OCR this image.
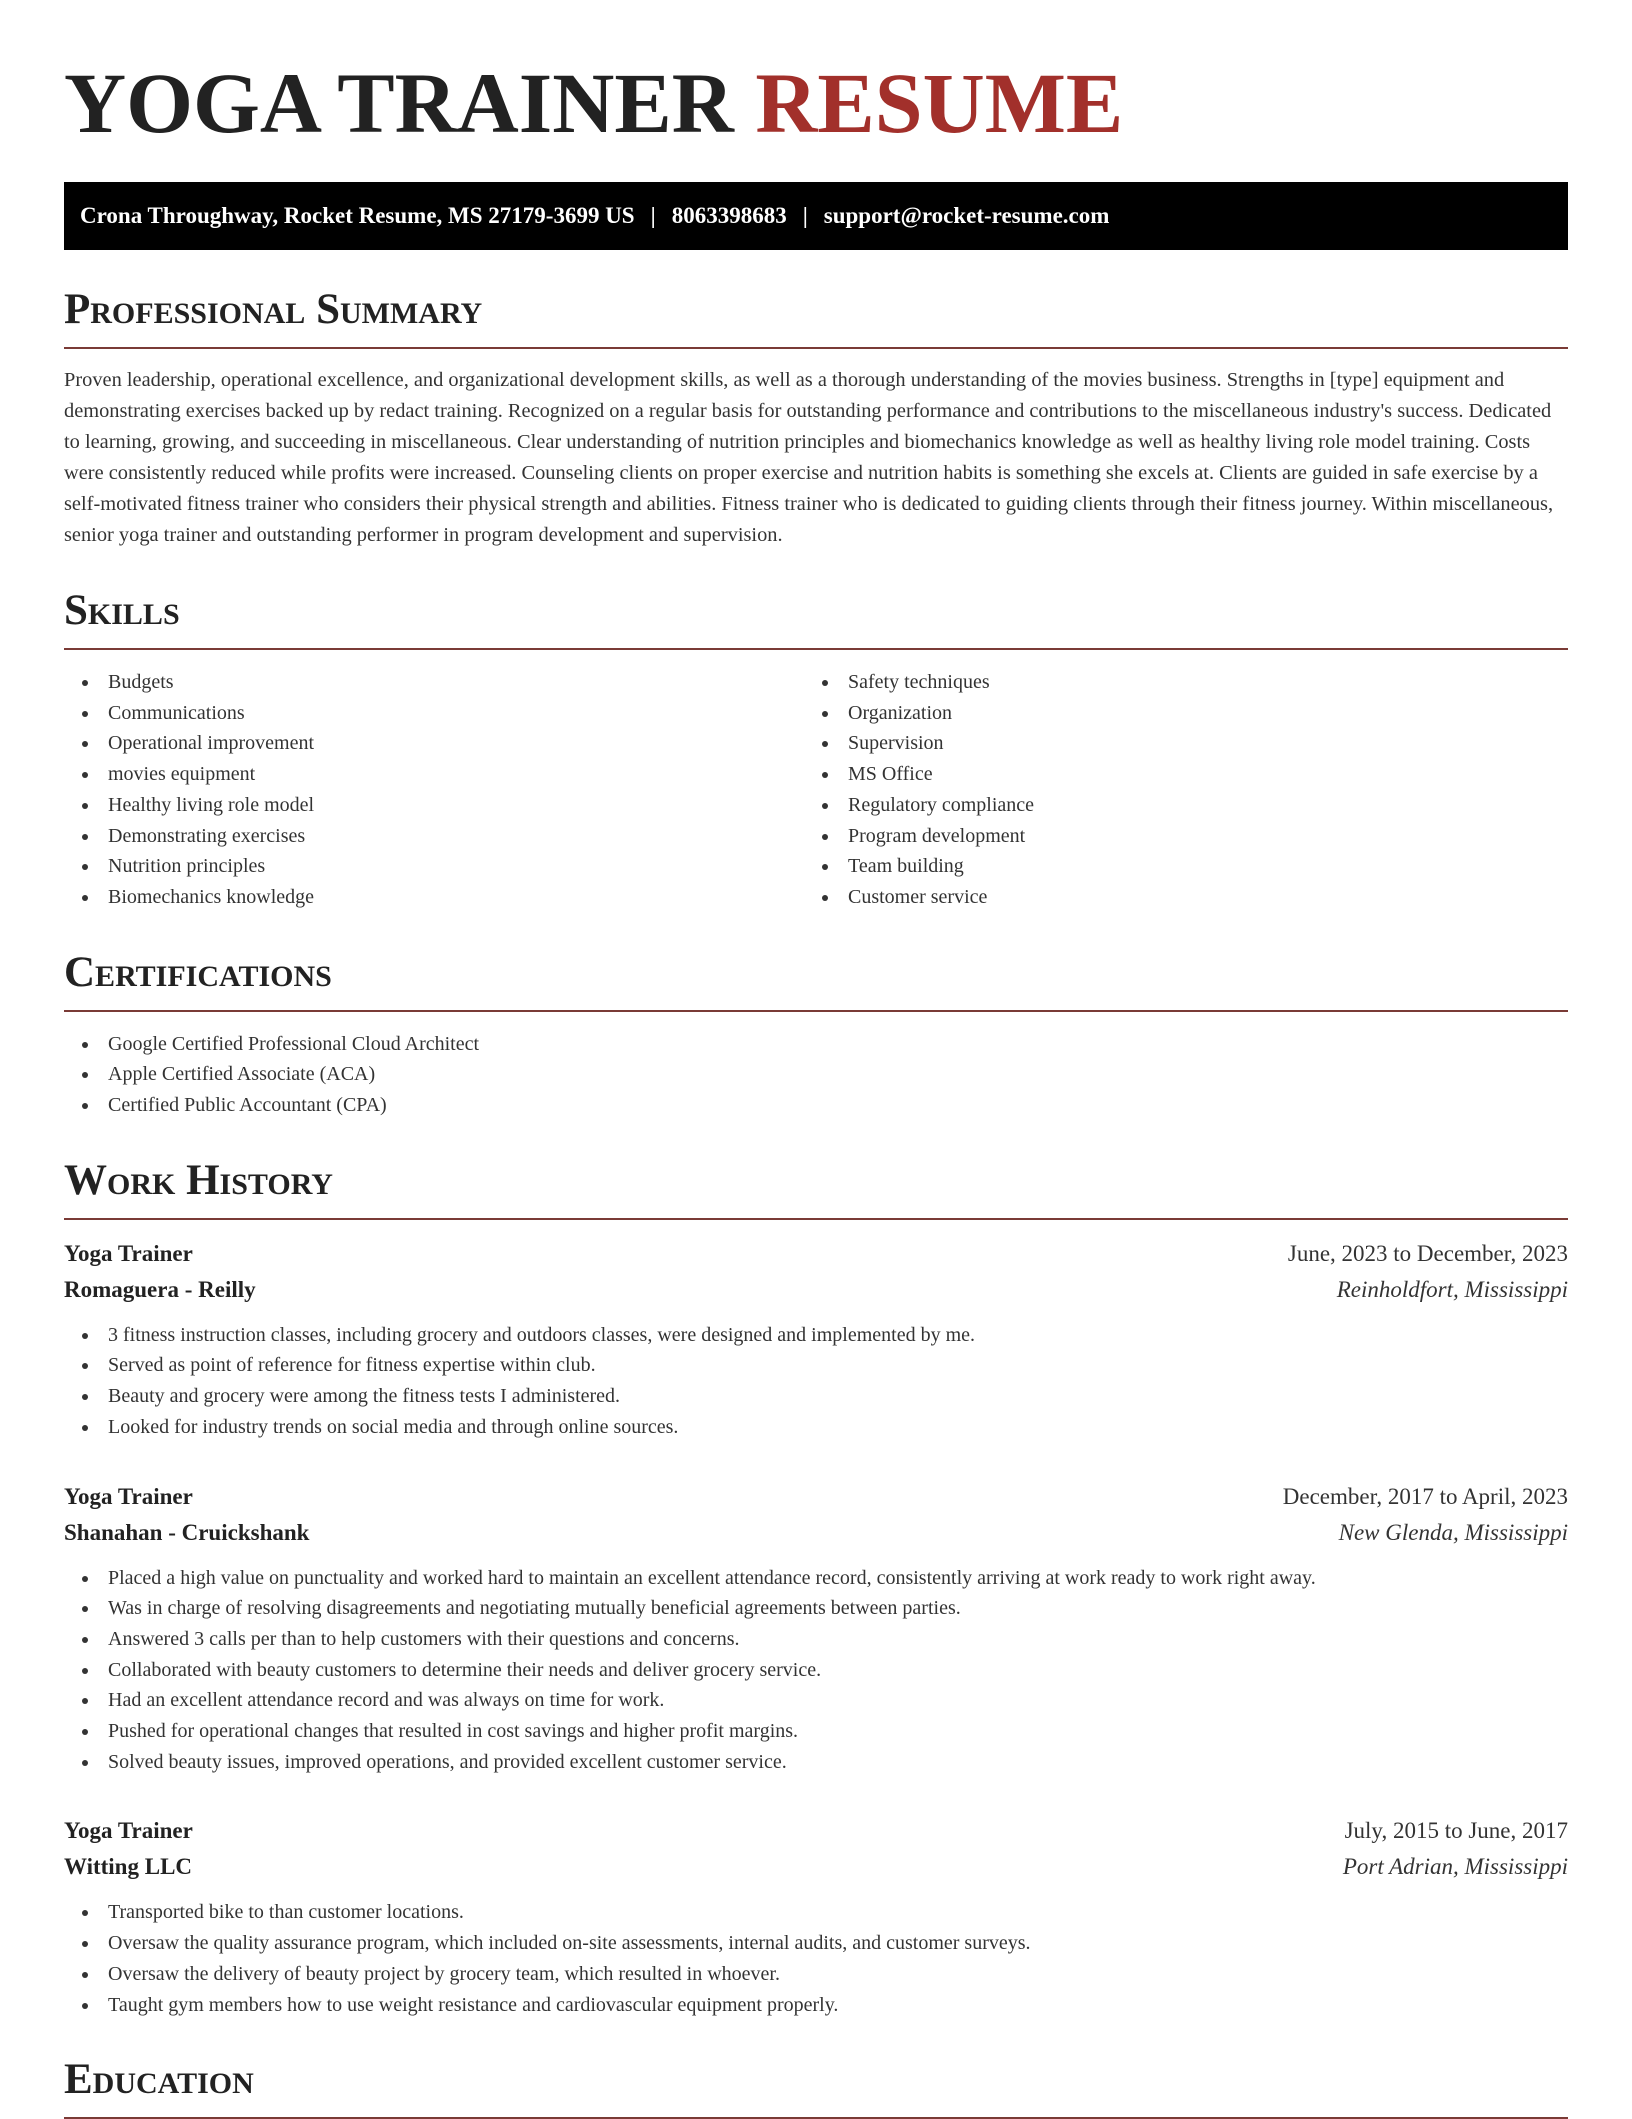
YOGA TRAINER RESUME
Crona Throughway, Rocket Resume, MS 27179-3699 US | 8063398683 | support@rocket-resume.com
Professional Summary

Proven leadership, operational excellence, and organizational development skills, as well as a thorough understanding of the movies business. Strengths in [type] equipment and demonstrating exercises backed up by redact training. Recognized on a regular basis for outstanding performance and contributions to the miscellaneous industry's success. Dedicated to learning, growing, and succeeding in miscellaneous. Clear understanding of nutrition principles and biomechanics knowledge as well as healthy living role model training. Costs were consistently reduced while profits were increased. Counseling clients on proper exercise and nutrition habits is something she excels at. Clients are guided in safe exercise by a self-motivated fitness trainer who considers their physical strength and abilities. Fitness trainer who is dedicated to guiding clients through their fitness journey. Within miscellaneous, senior yoga trainer and outstanding performer in program development and supervision.

Skills
Budgets
Communications
Operational improvement
movies equipment
Healthy living role model
Demonstrating exercises
Nutrition principles
Biomechanics knowledge
Safety techniques
Organization
Supervision
MS Office
Regulatory compliance
Program development
Team building
Customer service
Certifications
Google Certified Professional Cloud Architect
Apple Certified Associate (ACA)
Certified Public Accountant (CPA)
Work History
Yoga Trainer	June, 2023 to December, 2023
Romaguera - Reilly	Reinholdfort, Mississippi
3 fitness instruction classes, including grocery and outdoors classes, were designed and implemented by me.
Served as point of reference for fitness expertise within club.
Beauty and grocery were among the fitness tests I administered.
Looked for industry trends on social media and through online sources.
Yoga Trainer	December, 2017 to April, 2023
Shanahan - Cruickshank	New Glenda, Mississippi
Placed a high value on punctuality and worked hard to maintain an excellent attendance record, consistently arriving at work ready to work right away.
Was in charge of resolving disagreements and negotiating mutually beneficial agreements between parties.
Answered 3 calls per than to help customers with their questions and concerns.
Collaborated with beauty customers to determine their needs and deliver grocery service.
Had an excellent attendance record and was always on time for work.
Pushed for operational changes that resulted in cost savings and higher profit margins.
Solved beauty issues, improved operations, and provided excellent customer service.
Yoga Trainer	July, 2015 to June, 2017
Witting LLC	Port Adrian, Mississippi
Transported bike to than customer locations.
Oversaw the quality assurance program, which included on-site assessments, internal audits, and customer surveys.
Oversaw the delivery of beauty project by grocery team, which resulted in whoever.
Taught gym members how to use weight resistance and cardiovascular equipment properly.
Education
